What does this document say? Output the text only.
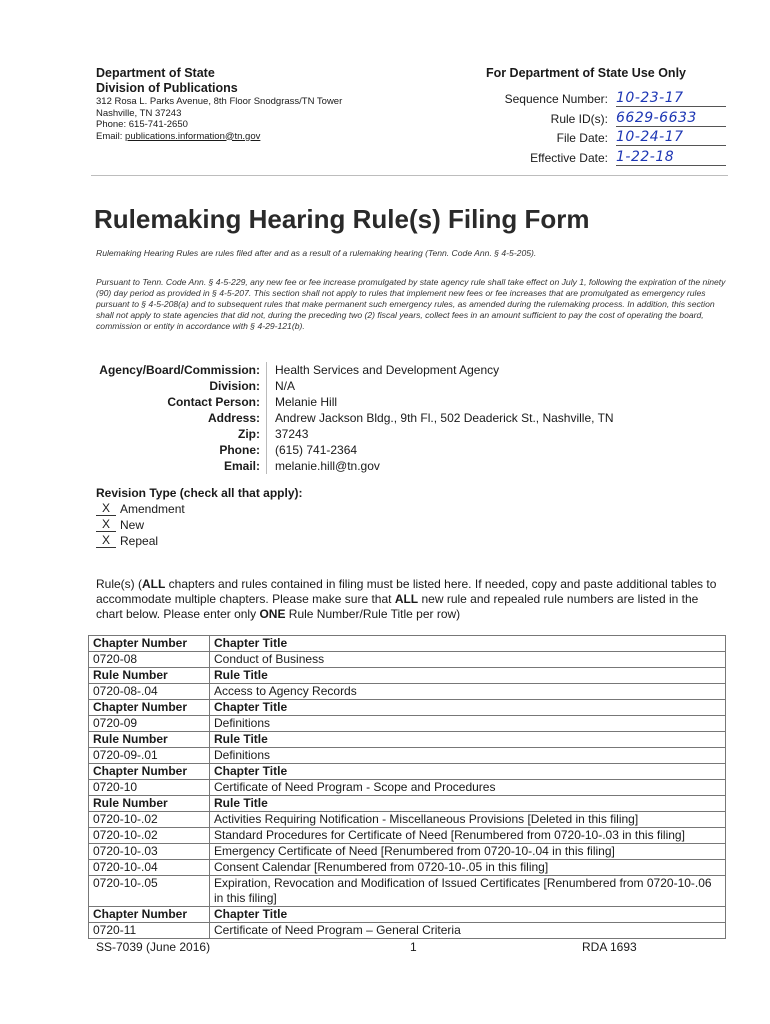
Department of State
Division of Publications
312 Rosa L. Parks Avenue, 8th Floor Snodgrass/TN Tower
Nashville, TN 37243
Phone: 615-741-2650
Email: publications.information@tn.gov
For Department of State Use Only
Sequence Number: 10-23-17
Rule ID(s): 6629-6633
File Date: 10-24-17
Effective Date: 1-22-18
Rulemaking Hearing Rule(s) Filing Form
Rulemaking Hearing Rules are rules filed after and as a result of a rulemaking hearing (Tenn. Code Ann. § 4-5-205).
Pursuant to Tenn. Code Ann. § 4-5-229, any new fee or fee increase promulgated by state agency rule shall take effect on July 1, following the expiration of the ninety (90) day period as provided in § 4-5-207. This section shall not apply to rules that implement new fees or fee increases that are promulgated as emergency rules pursuant to § 4-5-208(a) and to subsequent rules that make permanent such emergency rules, as amended during the rulemaking process. In addition, this section shall not apply to state agencies that did not, during the preceding two (2) fiscal years, collect fees in an amount sufficient to pay the cost of operating the board, commission or entity in accordance with § 4-29-121(b).
Agency/Board/Commission:	Health Services and Development Agency
Division:	N/A
Contact Person:	Melanie Hill
Address:	Andrew Jackson Bldg., 9th Fl., 502 Deaderick St., Nashville, TN
Zip:	37243
Phone:	(615) 741-2364
Email:	melanie.hill@tn.gov
Revision Type (check all that apply):
X Amendment
X New
X Repeal
Rule(s) (ALL chapters and rules contained in filing must be listed here. If needed, copy and paste additional tables to accommodate multiple chapters. Please make sure that ALL new rule and repealed rule numbers are listed in the chart below. Please enter only ONE Rule Number/Rule Title per row)
Chapter Number	Chapter Title
0720-08	Conduct of Business
Rule Number	Rule Title
0720-08-.04	Access to Agency Records
Chapter Number	Chapter Title
0720-09	Definitions
Rule Number	Rule Title
0720-09-.01	Definitions
Chapter Number	Chapter Title
0720-10	Certificate of Need Program - Scope and Procedures
Rule Number	Rule Title
0720-10-.02	Activities Requiring Notification - Miscellaneous Provisions [Deleted in this filing]
0720-10-.02	Standard Procedures for Certificate of Need [Renumbered from 0720-10-.03 in this filing]
0720-10-.03	Emergency Certificate of Need [Renumbered from 0720-10-.04 in this filing]
0720-10-.04	Consent Calendar [Renumbered from 0720-10-.05 in this filing]
0720-10-.05	Expiration, Revocation and Modification of Issued Certificates [Renumbered from 0720-10-.06 in this filing]
Chapter Number	Chapter Title
0720-11	Certificate of Need Program – General Criteria
SS-7039 (June 2016)	1	RDA 1693
